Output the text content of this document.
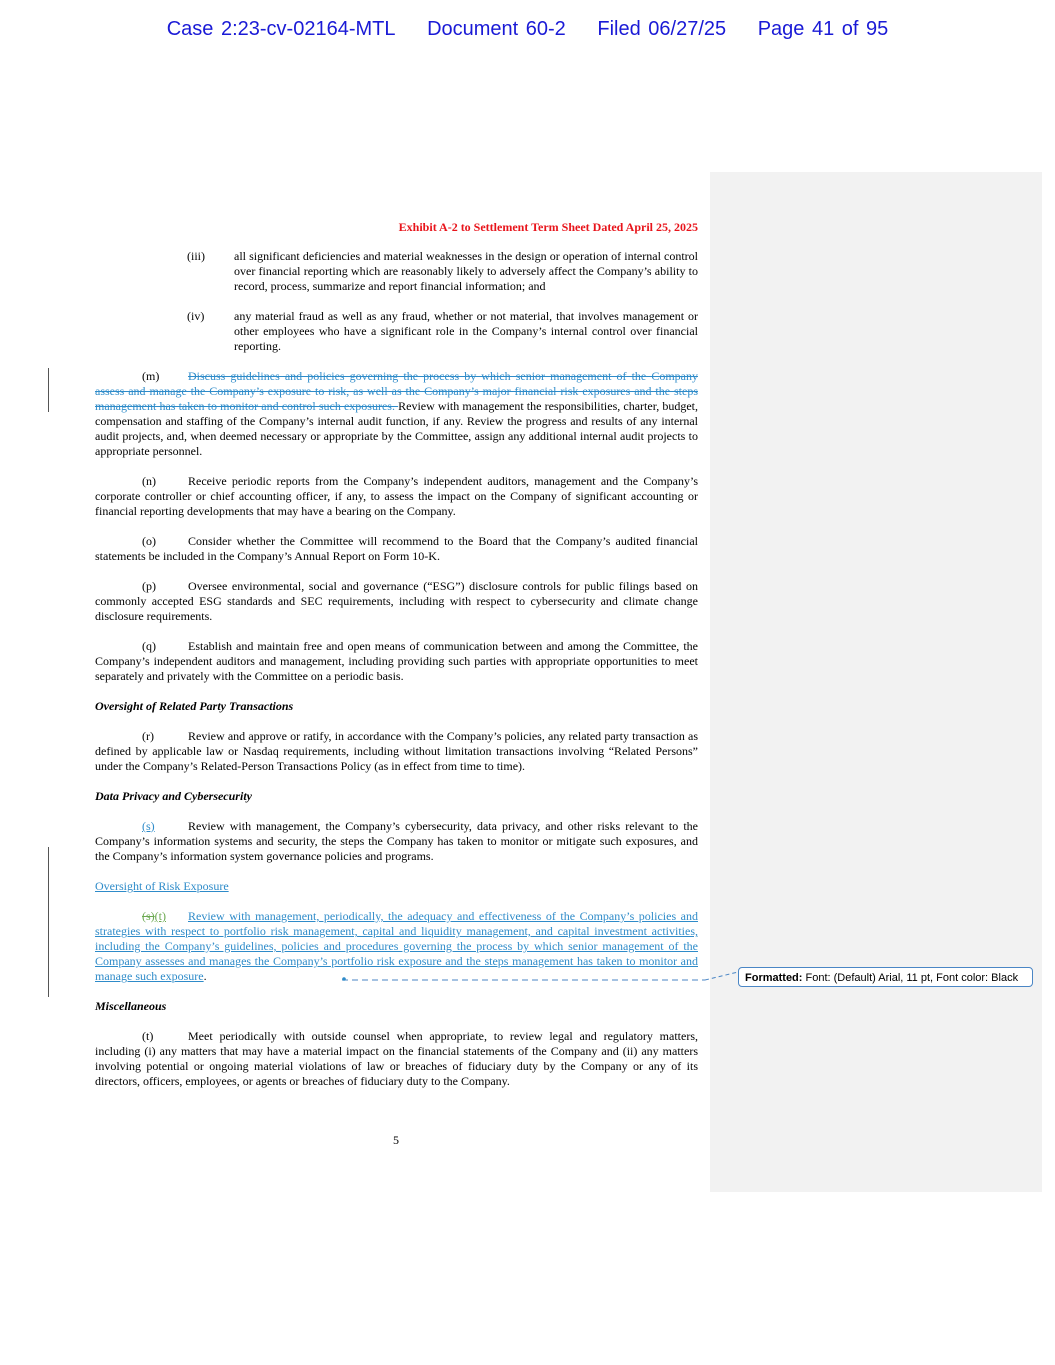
Case 2:23-cv-02164-MTL Document 60-2 Filed 06/27/25 Page 41 of 95
Exhibit A-2 to Settlement Term Sheet Dated April 25, 2025
(iii) all significant deficiencies and material weaknesses in the design or operation of internal control over financial reporting which are reasonably likely to adversely affect the Company’s ability to record, process, summarize and report financial information; and
(iv) any material fraud as well as any fraud, whether or not material, that involves management or other employees who have a significant role in the Company’s internal control over financial reporting.
(m) Discuss guidelines and policies governing the process by which senior management of the Company assess and manage the Company’s exposure to risk, as well as the Company’s major financial risk exposures and the steps management has taken to monitor and control such exposures. Review with management the responsibilities, charter, budget, compensation and staffing of the Company’s internal audit function, if any. Review the progress and results of any internal audit projects, and, when deemed necessary or appropriate by the Committee, assign any additional internal audit projects to appropriate personnel.
(n)	Receive periodic reports from the Company’s independent auditors, management and the Company’s corporate controller or chief accounting officer, if any, to assess the impact on the Company of significant accounting or financial reporting developments that may have a bearing on the Company.
(o)	Consider whether the Committee will recommend to the Board that the Company’s audited financial statements be included in the Company’s Annual Report on Form 10-K.
(p)	Oversee environmental, social and governance (“ESG”) disclosure controls for public filings based on commonly accepted ESG standards and SEC requirements, including with respect to cybersecurity and climate change disclosure requirements.
(q)	Establish and maintain free and open means of communication between and among the Committee, the Company’s independent auditors and management, including providing such parties with appropriate opportunities to meet separately and privately with the Committee on a periodic basis.
Oversight of Related Party Transactions
(r)	Review and approve or ratify, in accordance with the Company’s policies, any related party transaction as defined by applicable law or Nasdaq requirements, including without limitation transactions involving “Related Persons” under the Company’s Related-Person Transactions Policy (as in effect from time to time).
Data Privacy and Cybersecurity
(s)	Review with management, the Company’s cybersecurity, data privacy, and other risks relevant to the Company’s information systems and security, the steps the Company has taken to monitor or mitigate such exposures, and the Company’s information system governance policies and programs.
Oversight of Risk Exposure
(s)(t) Review with management, periodically, the adequacy and effectiveness of the Company’s policies and strategies with respect to portfolio risk management, capital and liquidity management, and capital investment activities, including the Company’s guidelines, policies and procedures governing the process by which senior management of the Company assesses and manages the Company’s portfolio risk exposure and the steps management has taken to monitor and manage such exposure.	Formatted: Font: (Default) Arial, 11 pt, Font color: Black
Miscellaneous
(t)	Meet periodically with outside counsel when appropriate, to review legal and regulatory matters, including (i) any matters that may have a material impact on the financial statements of the Company and (ii) any matters involving potential or ongoing material violations of law or breaches of fiduciary duty by the Company or any of its directors, officers, employees, or agents or breaches of fiduciary duty to the Company.
5
